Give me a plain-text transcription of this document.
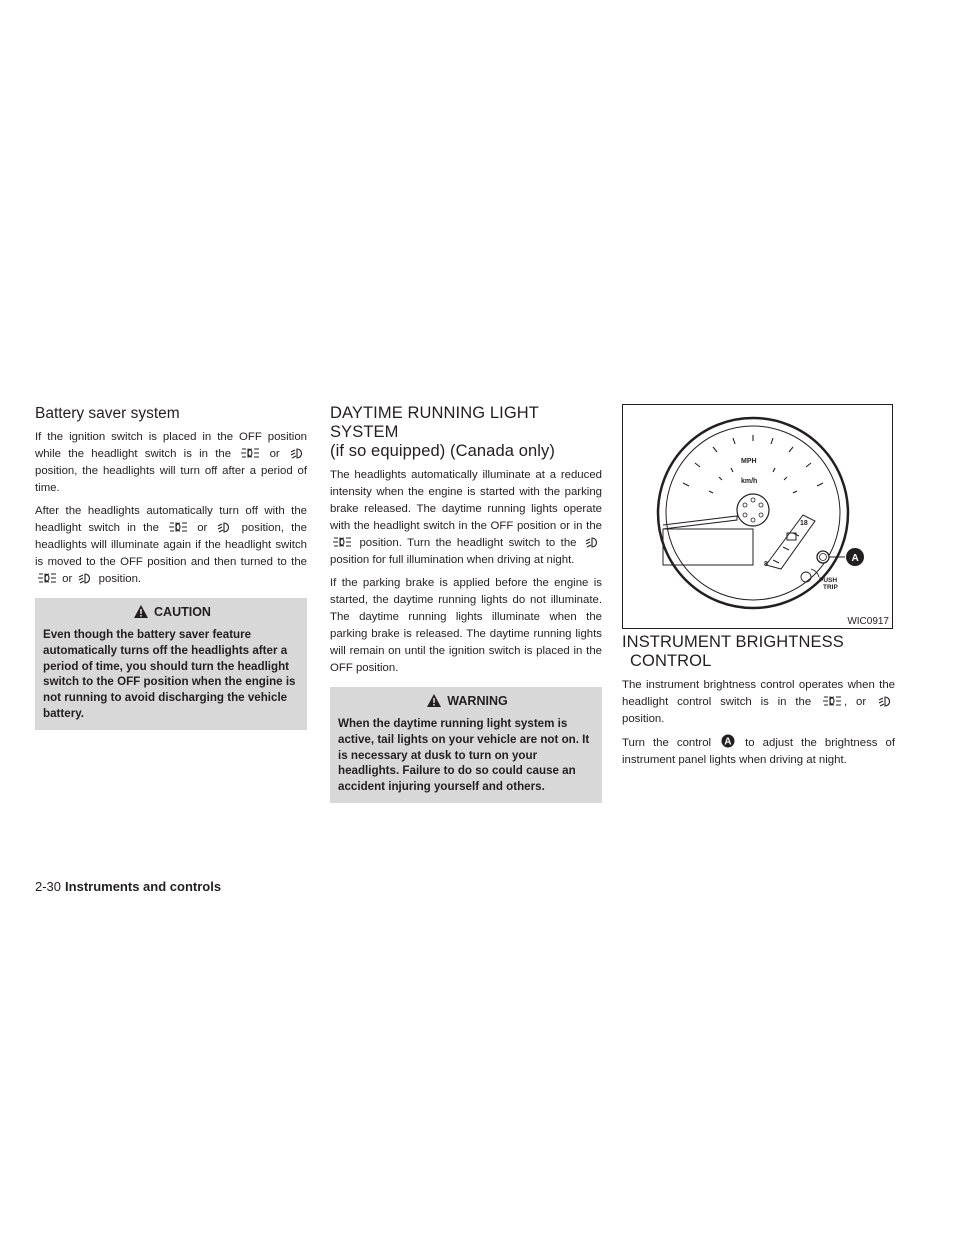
Battery saver system

If the ignition switch is placed in the OFF position while the headlight switch is in the	or
position, the headlights will turn off after a period of time.

After the headlights automatically turn off with the headlight switch in the	or	position, the headlights will illuminate again if the headlight switch is moved to the OFF position and then turned to the
or position.

CAUTION

Even though the battery saver feature automatically turns off the headlights after a period of time, you should turn the headlight switch to the OFF position when the engine is not running to avoid discharging the vehicle battery.

DAYTIME RUNNING LIGHT SYSTEM
(if so equipped) (Canada only)

The headlights automatically illuminate at a reduced intensity when the engine is started with the parking brake released. The daytime running lights operate with the headlight switch in the OFF position or in the
position. Turn the headlight switch to the
position for full illumination when driving at night.

If the parking brake is applied before the engine is started, the daytime running lights do not illuminate. The daytime running lights illuminate when the parking brake is released. The daytime running lights will remain on until the ignition switch is placed in the OFF position.

WARNING

When the daytime running light system is active, tail lights on your vehicle are not on. It is necessary at dusk to turn on your headlights. Failure to do so could cause an accident injuring yourself and others.

MPH
km/h
18
8
A
PUSH
TRIP
WIC0917
INSTRUMENT BRIGHTNESS
CONTROL

The instrument brightness control operates when the headlight control switch is in the	, or
position.

Turn the control A to adjust the brightness of instrument panel lights when driving at night.

2-30 Instruments and controls
